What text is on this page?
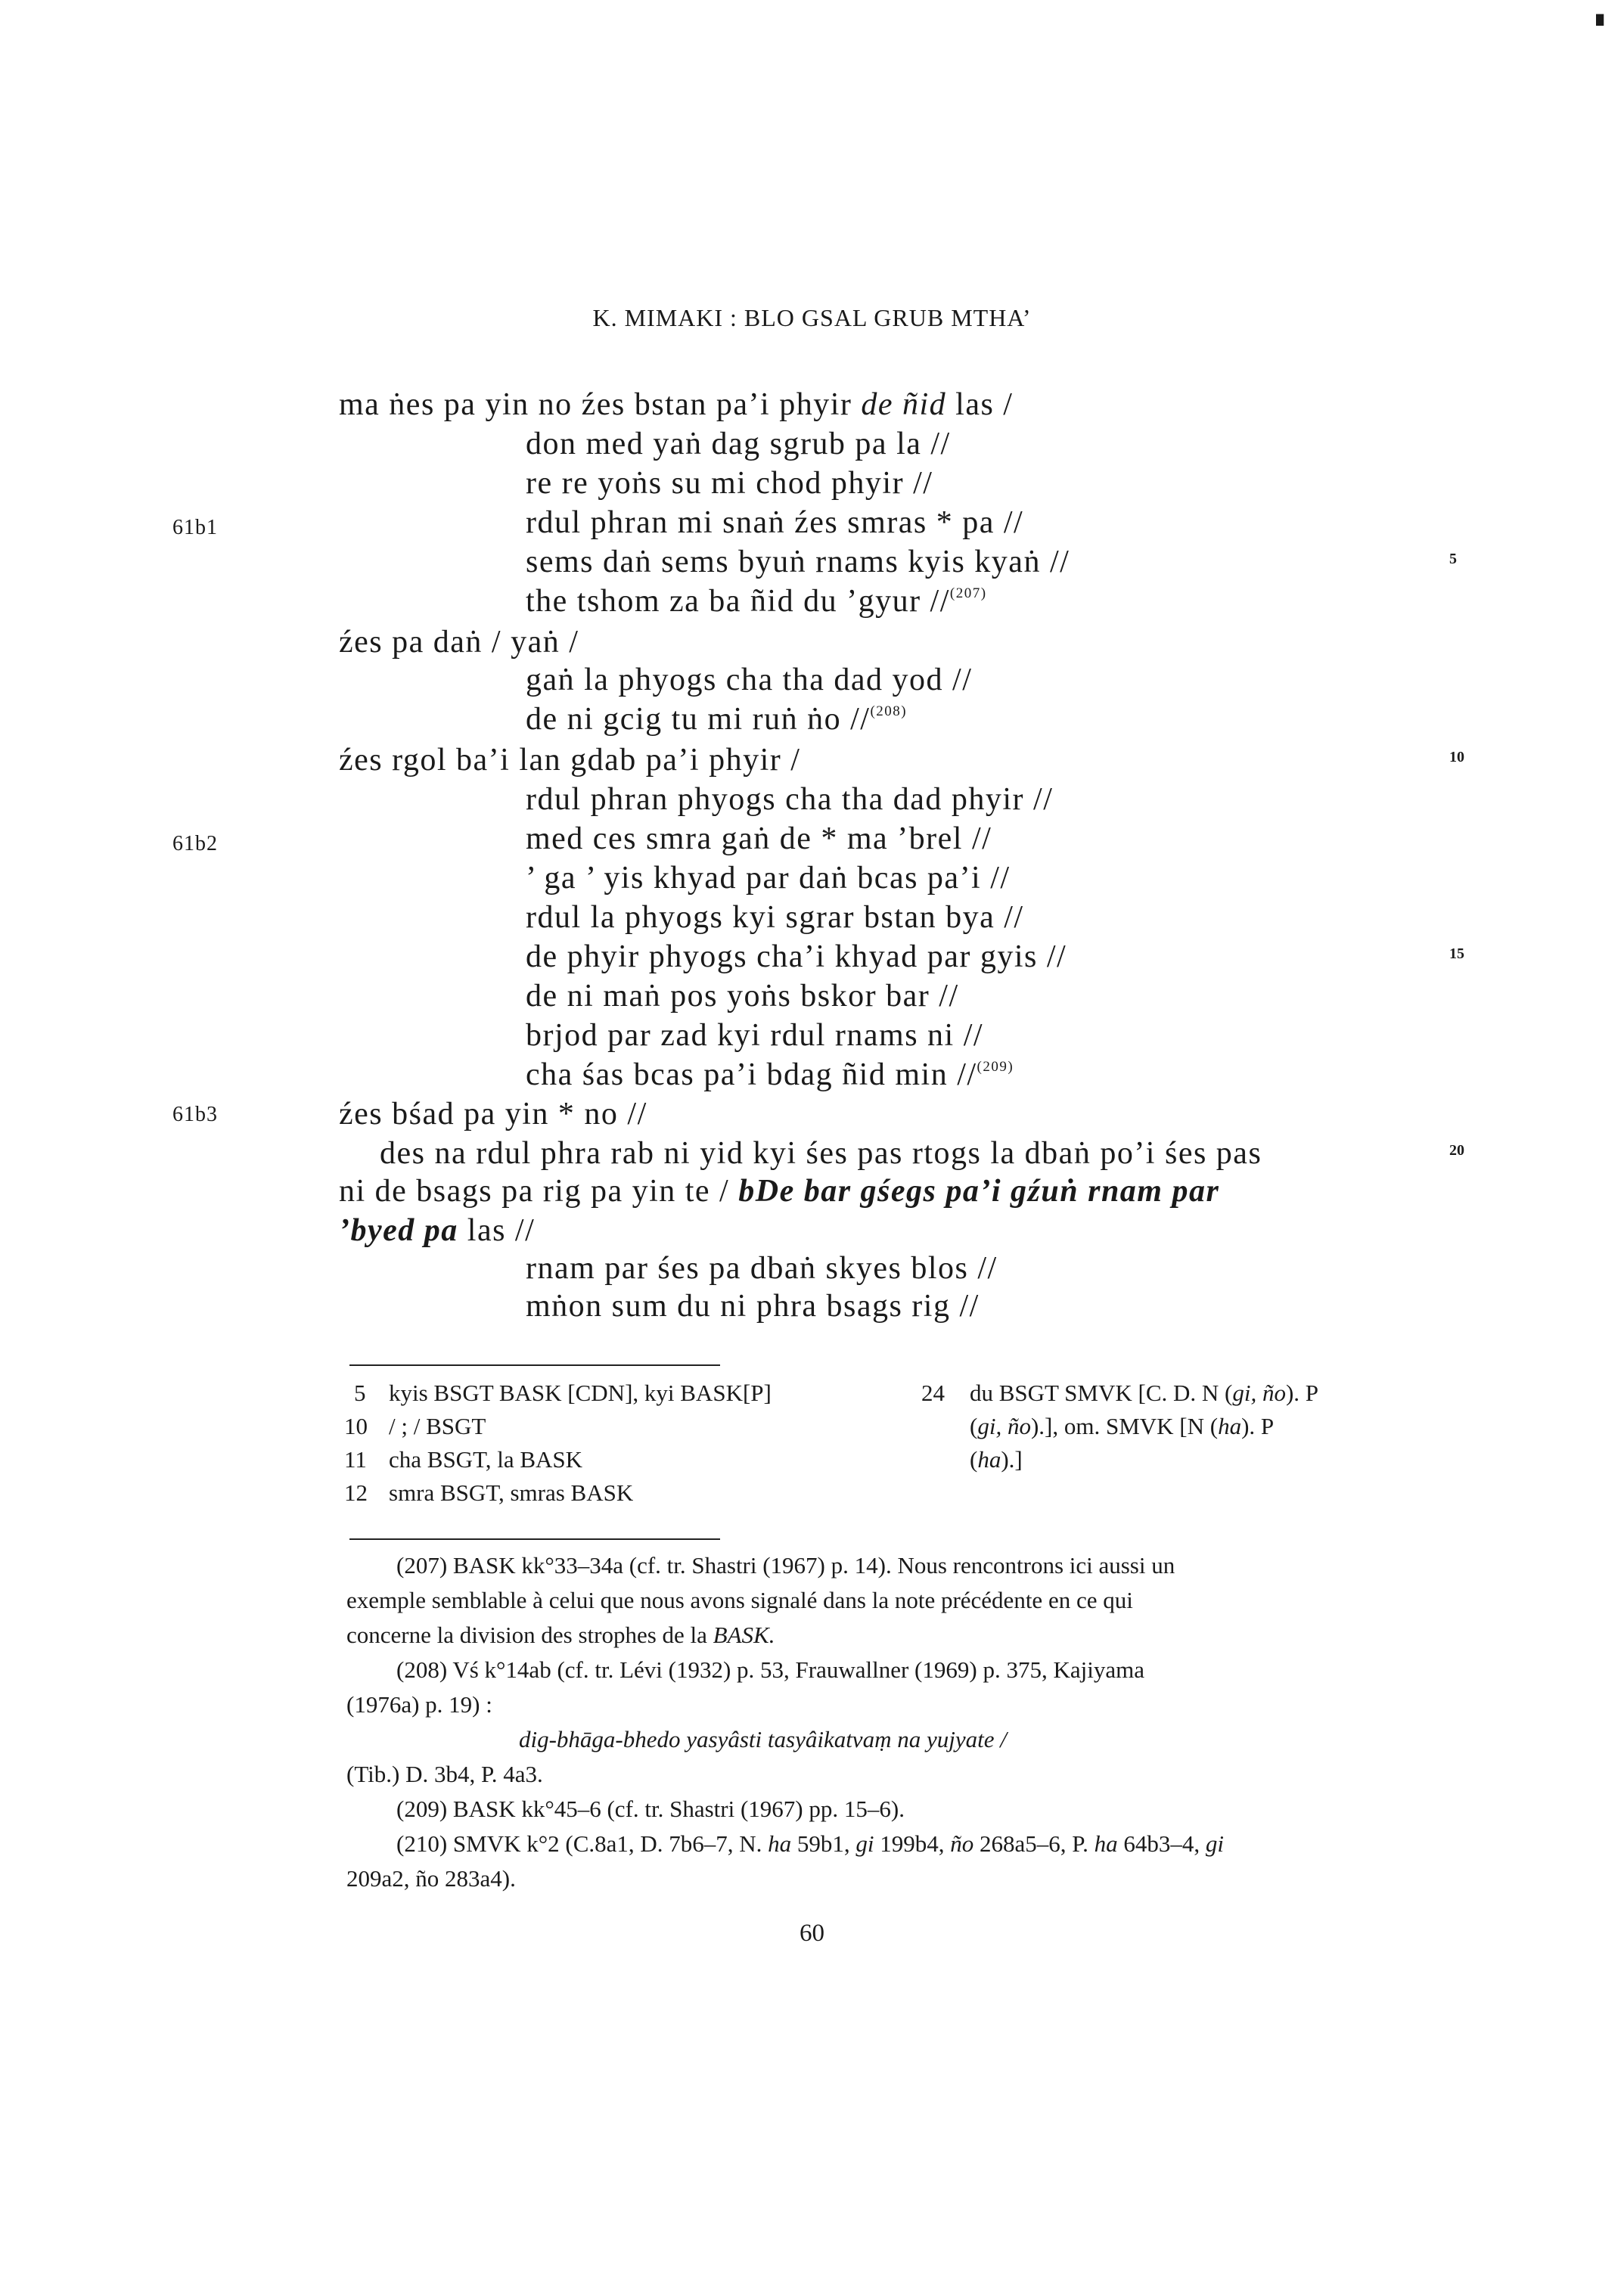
▝
K. MIMAKI : BLO GSAL GRUB MTHA’
61b1
61b2
61b3
5
10
15
20
ma ṅes pa yin no źes bstan pa’i phyir de ñid las /
don med yaṅ dag sgrub pa la //
re re yoṅs su mi chod phyir //
rdul phran mi snaṅ źes smras * pa //
sems daṅ sems byuṅ rnams kyis kyaṅ //
the tshom za ba ñid du ’gyur //$^{(207)}$
źes pa daṅ / yaṅ /
gaṅ la phyogs cha tha dad yod //
de ni gcig tu mi ruṅ ṅo //$^{(208)}$
źes rgol ba’i lan gdab pa’i phyir /
rdul phran phyogs cha tha dad phyir //
med ces smra gaṅ de * ma ’brel //
’ ga ’ yis khyad par daṅ bcas pa’i //
rdul la phyogs kyi sgrar bstan bya //
de phyir phyogs cha’i khyad par gyis //
de ni maṅ pos yoṅs bskor bar //
brjod par zad kyi rdul rnams ni //
cha śas bcas pa’i bdag ñid min //$^{(209)}$
źes bśad pa yin * no //
des na rdul phra rab ni yid kyi śes pas rtogs la dbaṅ po’i śes pas
ni de bsags pa rig pa yin te / bDe bar gśegs pa’i gźuṅ rnam par
’byed pa las //
rnam par śes pa dbaṅ skyes blos //
mṅon sum du ni phra bsags rig //
5 kyis BSGT BASK [CDN], kyi BASK[P]
10 / ; / BSGT
11 cha BSGT, la BASK
12 smra BSGT, smras BASK
24 du BSGT SMVK [C. D. N (gi, ño). P
(gi, ño).], om. SMVK [N (ha). P
(ha).]
(207) BASK kk°33–34a (cf. tr. Shastri (1967) p. 14). Nous rencontrons ici aussi un
exemple semblable à celui que nous avons signalé dans la note précédente en ce qui
concerne la division des strophes de la BASK.
(208) Vś k°14ab (cf. tr. Lévi (1932) p. 53, Frauwallner (1969) p. 375, Kajiyama
(1976a) p. 19) :
dig-bhāga-bhedo yasyâsti tasyâikatvaṃ na yujyate /
(Tib.) D. 3b4, P. 4a3.
(209) BASK kk°45–6 (cf. tr. Shastri (1967) pp. 15–6).
(210) SMVK k°2 (C.8a1, D. 7b6–7, N. ha 59b1, gi 199b4, ño 268a5–6, P. ha 64b3–4, gi
209a2, ño 283a4).
60
